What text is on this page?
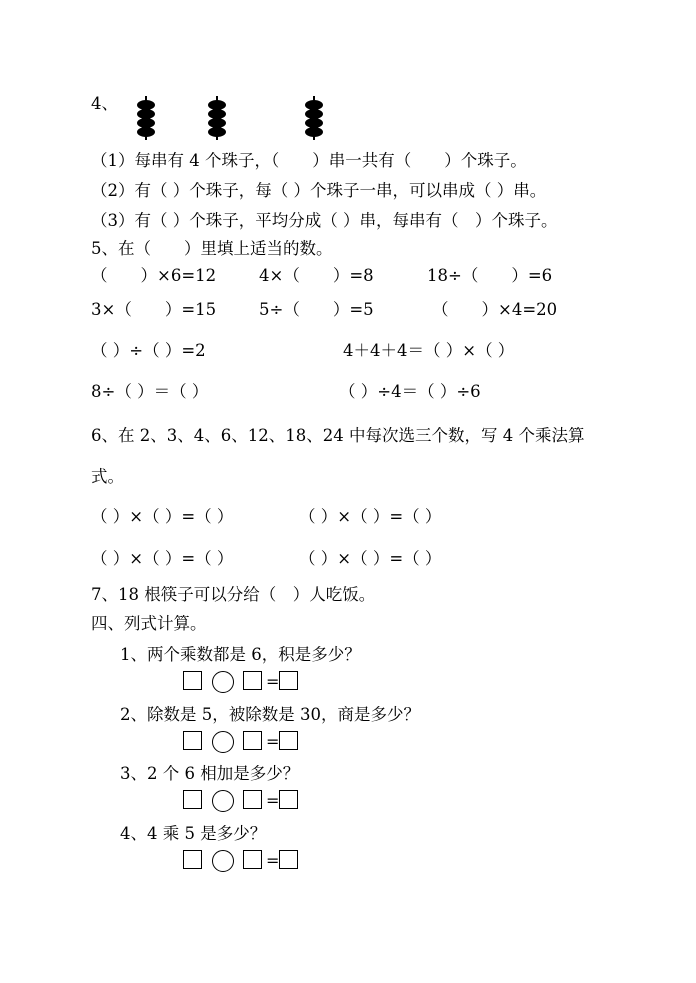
4、
（1）每串有 4 个珠子，（　　）串一共有（　　）个珠子。
（2）有（ ）个珠子，每（ ）个珠子一串，可以串成（ ）串。
（3）有（ ）个珠子，平均分成（ ）串，每串有（　）个珠子。
5、在（　　）里填上适当的数。
（　　）×6=12	4×（　　）=8	18÷（　　）=6
3×（　　）=15	5÷（　　）=5	（　　）×4=20
（ ）÷（ ）=2	4＋4＋4＝（ ）×（ ）
8÷（ ）＝（ ）	（ ）÷4＝（ ）÷6
6、在 2、3、4、6、12、18、24 中每次选三个数，写 4 个乘法算
式。
（ ）×（ ）=（ ）	（ ）×（ ）=（ ）
（ ）×（ ）=（ ）	（ ）×（ ）=（ ）
7、18 根筷子可以分给（　）人吃饭。
四、列式计算。
1、两个乘数都是 6，积是多少？
=
2、除数是 5，被除数是 30，商是多少？
=
3、2 个 6 相加是多少？
=
4、4 乘 5 是多少？
=
